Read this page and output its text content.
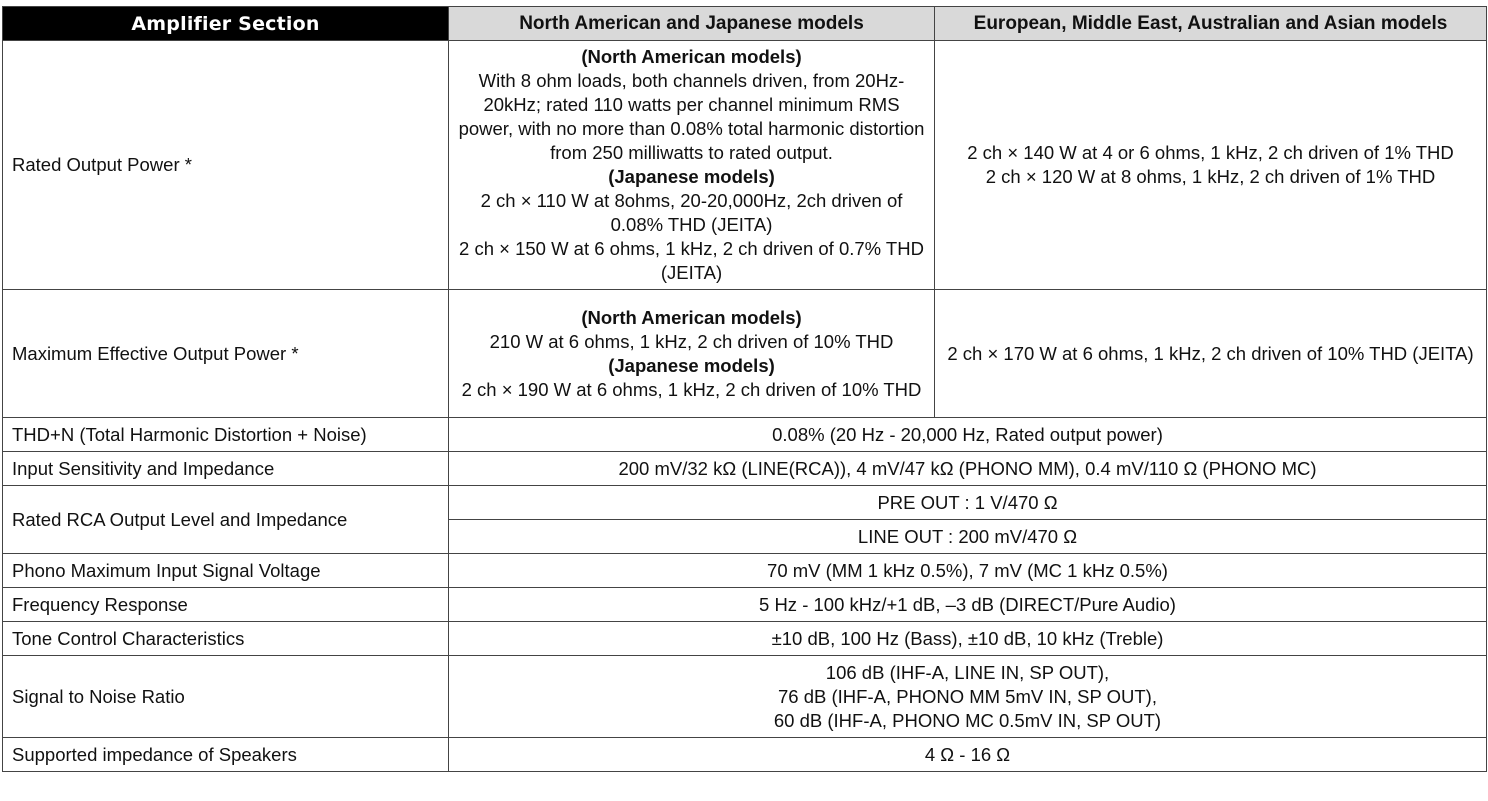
Amplifier Section	North American and Japanese models	European, Middle East, Australian and Asian models
Rated Output Power *	(North American models)
With 8 ohm loads, both channels driven, from 20Hz-20kHz; rated 110 watts per channel minimum RMS power, with no more than 0.08% total harmonic distortion from 250 milliwatts to rated output.
(Japanese models)
2 ch × 110 W at 8ohms, 20-20,000Hz, 2ch driven of 0.08% THD (JEITA)
2 ch × 150 W at 6 ohms, 1 kHz, 2 ch driven of 0.7% THD (JEITA)	2 ch × 140 W at 4 or 6 ohms, 1 kHz, 2 ch driven of 1% THD
2 ch × 120 W at 8 ohms, 1 kHz, 2 ch driven of 1% THD

Maximum Effective Output Power *	(North American models)
210 W at 6 ohms, 1 kHz, 2 ch driven of 10% THD
(Japanese models)
2 ch × 190 W at 6 ohms, 1 kHz, 2 ch driven of 10% THD	2 ch × 170 W at 6 ohms, 1 kHz, 2 ch driven of 10% THD (JEITA)
THD+N (Total Harmonic Distortion + Noise)	0.08% (20 Hz - 20,000 Hz, Rated output power)	
Input Sensitivity and Impedance	200 mV/32 kΩ (LINE(RCA)), 4 mV/47 kΩ (PHONO MM), 0.4 mV/110 Ω (PHONO MC)	
Rated RCA Output Level and Impedance	PRE OUT : 1 V/470 Ω	
	LINE OUT : 200 mV/470 Ω	
Phono Maximum Input Signal Voltage	70 mV (MM 1 kHz 0.5%), 7 mV (MC 1 kHz 0.5%)	
Frequency Response	5 Hz - 100 kHz/+1 dB, –3 dB (DIRECT/Pure Audio)	
Tone Control Characteristics	±10 dB, 100 Hz (Bass), ±10 dB, 10 kHz (Treble)	
Signal to Noise Ratio	106 dB (IHF-A, LINE IN, SP OUT),
76 dB (IHF-A, PHONO MM 5mV IN, SP OUT),
60 dB (IHF-A, PHONO MC 0.5mV IN, SP OUT)	

Supported impedance of Speakers	4 Ω - 16 Ω	
